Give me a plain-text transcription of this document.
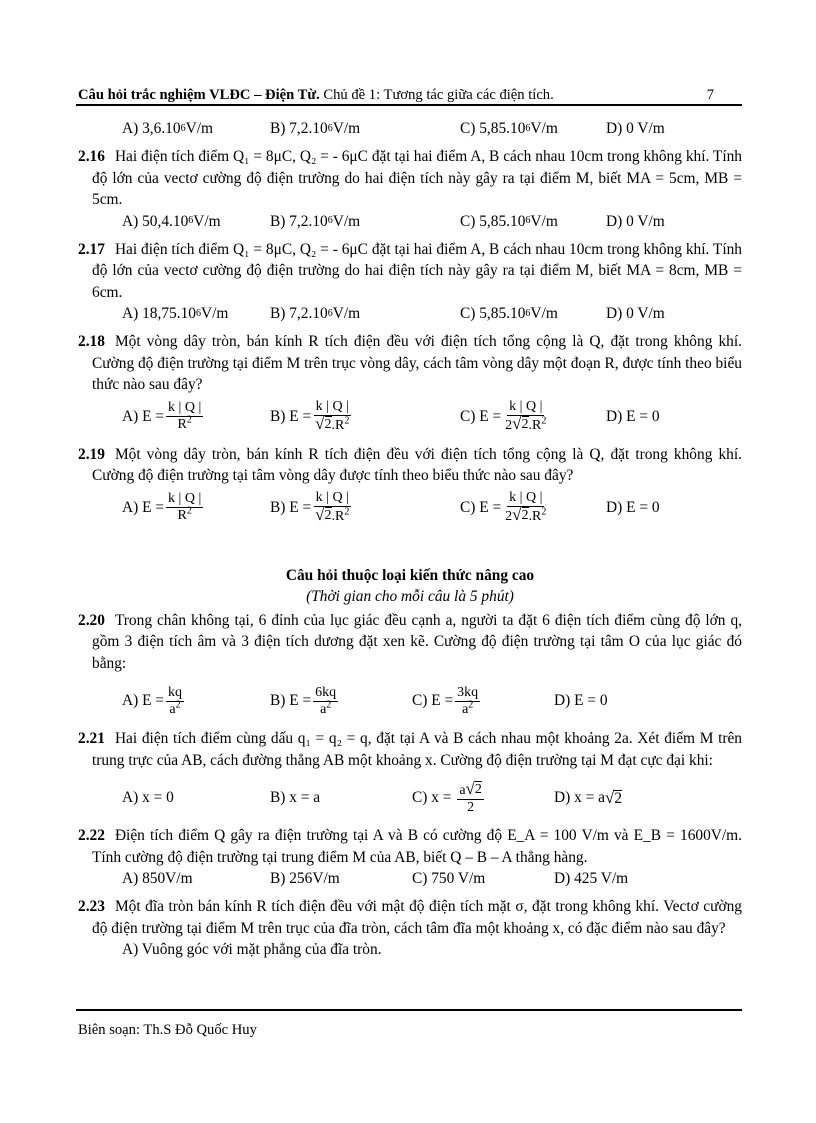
Câu hỏi trắc nghiệm VLĐC – Điện Từ. Chủ đề 1: Tương tác giữa các điện tích.	7
A) 3,6.10 6 V/m	B) 7,2.10 6 V/m	C) 5,85.10 6 V/m	D) 0 V/m
2.16 Hai điện tích điểm Q₁ = 8μC, Q₂ = - 6μC đặt tại hai điểm A, B cách nhau 10cm trong không khí. Tính độ lớn của vectơ cường độ điện trường do hai điện tích này gây ra tại điểm M, biết MA = 5cm, MB = 5cm.
A) 50,4.10 6 V/m	B) 7,2.10 6 V/m	C) 5,85.10 6 V/m	D) 0 V/m
2.17 Hai điện tích điểm Q₁ = 8μC, Q₂ = - 6μC đặt tại hai điểm A, B cách nhau 10cm trong không khí. Tính độ lớn của vectơ cường độ điện trường do hai điện tích này gây ra tại điểm M, biết MA = 8cm, MB = 6cm.
A) 18,75.10 6 V/m	B) 7,2.10 6 V/m	C) 5,85.10 6 V/m	D) 0 V/m
2.18 Một vòng dây tròn, bán kính R tích điện đều với điện tích tổng cộng là Q, đặt trong không khí. Cường độ điện trường tại điểm M trên trục vòng dây, cách tâm vòng dây một đoạn R, được tính theo biểu thức nào sau đây?
A) $E = \frac{k | Q |}{R^2}$	B) $E = \frac{k | Q |}{√ 2 .R^2}$	C) $E = \frac{k | Q |}{2 √ 2 .R^2}$	D) E = 0
2.19 Một vòng dây tròn, bán kính R tích điện đều với điện tích tổng cộng là Q, đặt trong không khí. Cường độ điện trường tại tâm vòng dây được tính theo biểu thức nào sau đây?
A) $E = \frac{k | Q |}{R^2}$	B) $E = \frac{k | Q |}{√ 2 .R^2}$	C) $E = \frac{k | Q |}{2 √ 2 .R^2}$	D) E = 0
Câu hỏi thuộc loại kiến thức nâng cao
(Thời gian cho mỗi câu là 5 phút)
2.20 Trong chân không tại, 6 đỉnh của lục giác đều cạnh a, người ta đặt 6 điện tích điểm cùng độ lớn q, gồm 3 điện tích âm và 3 điện tích dương đặt xen kẽ. Cường độ điện trường tại tâm O của lục giác đó bằng:
A) $E = \frac{kq}{a^2}$	B) $E = \frac{6kq}{a^2}$	C) $E = \frac{3kq}{a^2}$	D) E = 0
2.21 Hai điện tích điểm cùng dấu q₁ = q₂ = q, đặt tại A và B cách nhau một khoảng 2a. Xét điểm M trên trung trực của AB, cách đường thẳng AB một khoảng x. Cường độ điện trường tại M đạt cực đại khi:
A) x = 0	B) x = a	C) x =
$\frac{a √ 2}{2}$	D) x = a √ 2
2.22 Điện tích điểm Q gây ra điện trường tại A và B có cường độ E_A = 100 V/m và E_B = 1600V/m. Tính cường độ điện trường tại trung điểm M của AB, biết Q – B – A thẳng hàng.
A) 850V/m	B) 256V/m	C) 750 V/m	D) 425 V/m
2.23 Một đĩa tròn bán kính R tích điện đều với mật độ điện tích mặt σ, đặt trong không khí. Vectơ cường độ điện trường tại điểm M trên trục của đĩa tròn, cách tâm đĩa một khoảng x, có đặc điểm nào sau đây?
A) Vuông góc với mặt phẳng của đĩa tròn.
Biên soạn: Th.S Đỗ Quốc Huy
